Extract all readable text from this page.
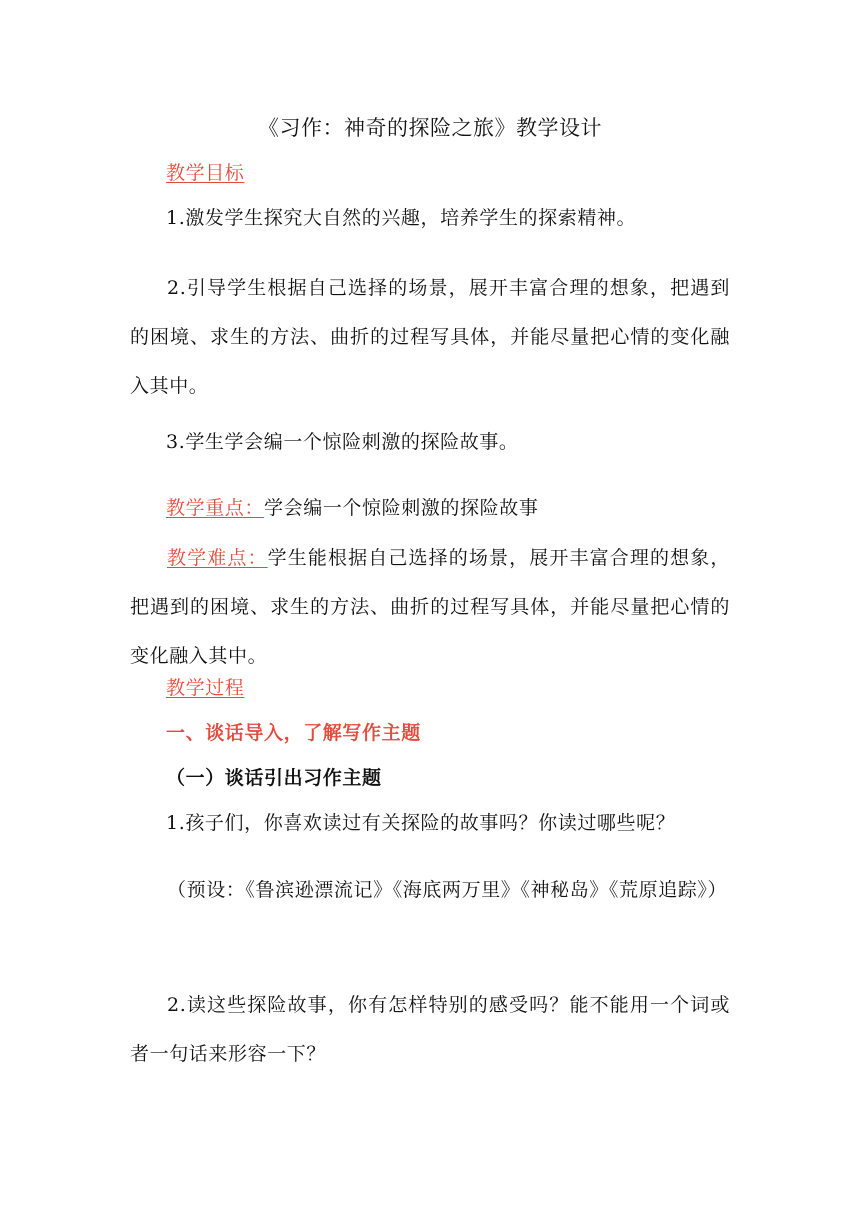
《习作：神奇的探险之旅》教学设计
教学目标
1.激发学生探究大自然的兴趣，培养学生的探索精神。
2.引导学生根据自己选择的场景，展开丰富合理的想象，把遇到的困境、求生的方法、曲折的过程写具体，并能尽量把心情的变化融入其中。
3.学生学会编一个惊险刺激的探险故事。
教学重点：学会编一个惊险刺激的探险故事
教学难点：学生能根据自己选择的场景，展开丰富合理的想象，把遇到的困境、求生的方法、曲折的过程写具体，并能尽量把心情的变化融入其中。
教学过程
一、谈话导入，了解写作主题
（一）谈话引出习作主题
1.孩子们，你喜欢读过有关探险的故事吗？你读过哪些呢？
（预设：《鲁滨逊漂流记》《海底两万里》《神秘岛》《荒原追踪》）
2.读这些探险故事，你有怎样特别的感受吗？能不能用一个词或者一句话来形容一下？
